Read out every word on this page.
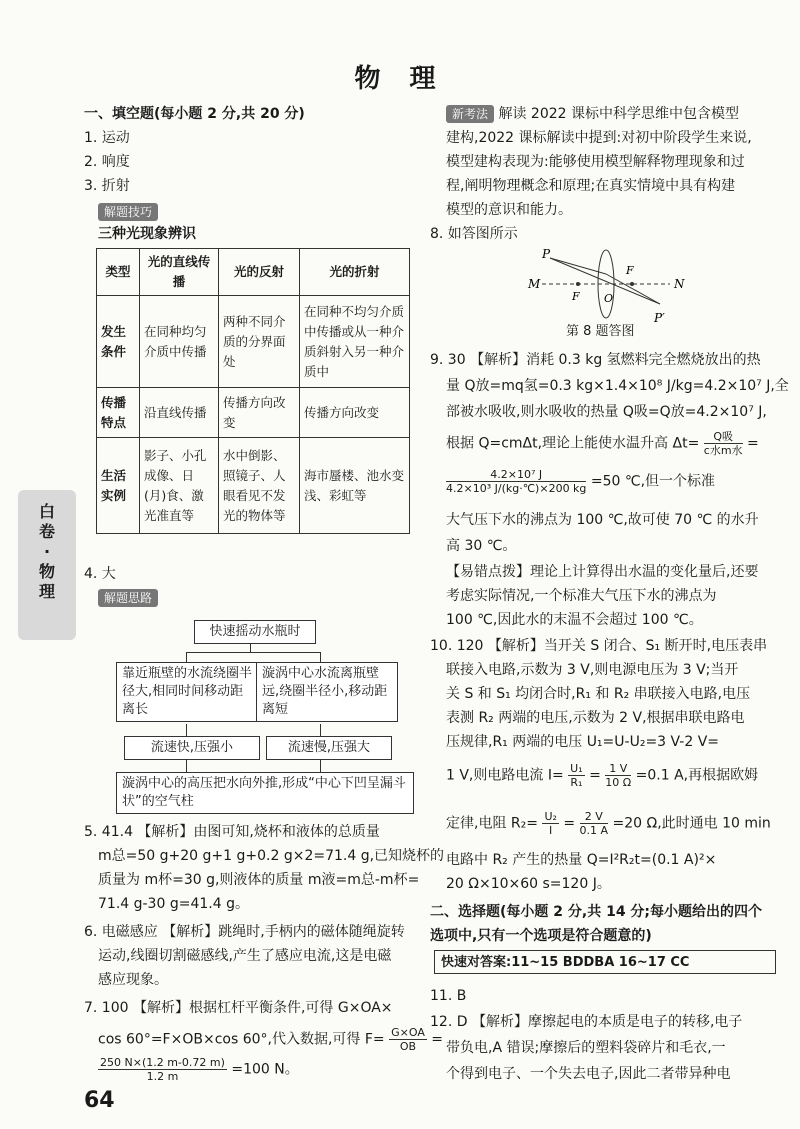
物 理
一、填空题(每小题 2 分,共 20 分)
1. 运动
2. 响度
3. 折射
解题技巧
三种光现象辨识
类型	光的直线传播	光的反射	光的折射
发生条件	在同种均匀介质中传播	两种不同介质的分界面处	在同种不均匀介质中传播或从一种介质斜射入另一种介质中
传播特点	沿直线传播	传播方向改变	传播方向改变
生活实例	影子、小孔成像、日(月)食、激光准直等	水中倒影、照镜子、人眼看见不发光的物体等	海市蜃楼、池水变浅、彩虹等
白卷·物理
4. 大
解题思路
快速摇动水瓶时
靠近瓶壁的水流绕圈半径大,相同时间移动距离长
漩涡中心水流离瓶壁远,绕圈半径小,移动距离短
流速快,压强小	流速慢,压强大
漩涡中心的高压把水向外推,形成“中心下凹呈漏斗状”的空气柱
5. 41.4 【解析】由图可知,烧杯和液体的总质量
m总=50 g+20 g+1 g+0.2 g×2=71.4 g,已知烧杯的
质量为 m杯=30 g,则液体的质量 m液=m总-m杯=
71.4 g-30 g=41.4 g。
6. 电磁感应 【解析】跳绳时,手柄内的磁体随绳旋转
运动,线圈切割磁感线,产生了感应电流,这是电磁
感应现象。
7. 100 【解析】根据杠杆平衡条件,可得 G×OA×
cos 60°=F×OB×cos 60°,代入数据,可得 $F= \frac{G\times OA}{OB}$ =
$\frac{250 N\times(1.2 m-0.72 m)}{1.2 m} =100$ N。
64
新考法 解读 2022 课标中科学思维中包含模型
建构,2022 课标解读中提到:对初中阶段学生来说,
模型建构表现为:能够使用模型解释物理现象和过
程,阐明物理概念和原理;在真实情境中具有构建
模型的意识和能力。
8. 如答图所示
P
M
F O
F
N
P′
第 8 题答图
9. 30 【解析】消耗 0.3 kg 氢燃料完全燃烧放出的热
量 Q放=mq氢=0.3 kg×1.4×10⁸ J/kg=4.2×10⁷ J,全
部被水吸收,则水吸收的热量 Q吸=Q放=4.2×10⁷ J,
根据 Q=cmΔt,理论上能使水温升高 $\Delta t= \frac{\text{Q吸}}{\text{c水m水}}$ =
$\frac{\text{4.2×10⁷ J}}{\text{4.2×10³ J/(kg·℃)×200 kg}} =50$ ℃,但一个标准
大气压下水的沸点为 100 ℃,故可使 70 ℃ 的水升
高 30 ℃。
【易错点拨】理论上计算得出水温的变化量后,还要
考虑实际情况,一个标准大气压下水的沸点为
100 ℃,因此水的末温不会超过 100 ℃。
10. 120 【解析】当开关 S 闭合、S₁ 断开时,电压表串
联接入电路,示数为 3 V,则电源电压为 3 V;当开
关 S 和 S₁ 均闭合时,R₁ 和 R₂ 串联接入电路,电压
表测 R₂ 两端的电压,示数为 2 V,根据串联电路电
压规律,R₁ 两端的电压 U₁=U-U₂=3 V-2 V=
1 V,则电路电流 $I= \frac{\text{U₁}}{\text{R₁}} = \frac{1 V}{10 \Omega} =0.1$ A,再根据欧姆
定律,电阻 $R_2= \frac{\text{U₂}}{I} = \frac{2 V}{0.1 A} =20$ Ω,此时通电 10 min
电路中 R₂ 产生的热量 Q=I²R₂t=(0.1 A)²×
20 Ω×10×60 s=120 J。
二、选择题(每小题 2 分,共 14 分;每小题给出的四个
选项中,只有一个选项是符合题意的)
快速对答案:11~15 BDDBA 16~17 CC
11. B
12. D 【解析】摩擦起电的本质是电子的转移,电子
带负电,A 错误;摩擦后的塑料袋碎片和毛衣,一
个得到电子、一个失去电子,因此二者带异种电
